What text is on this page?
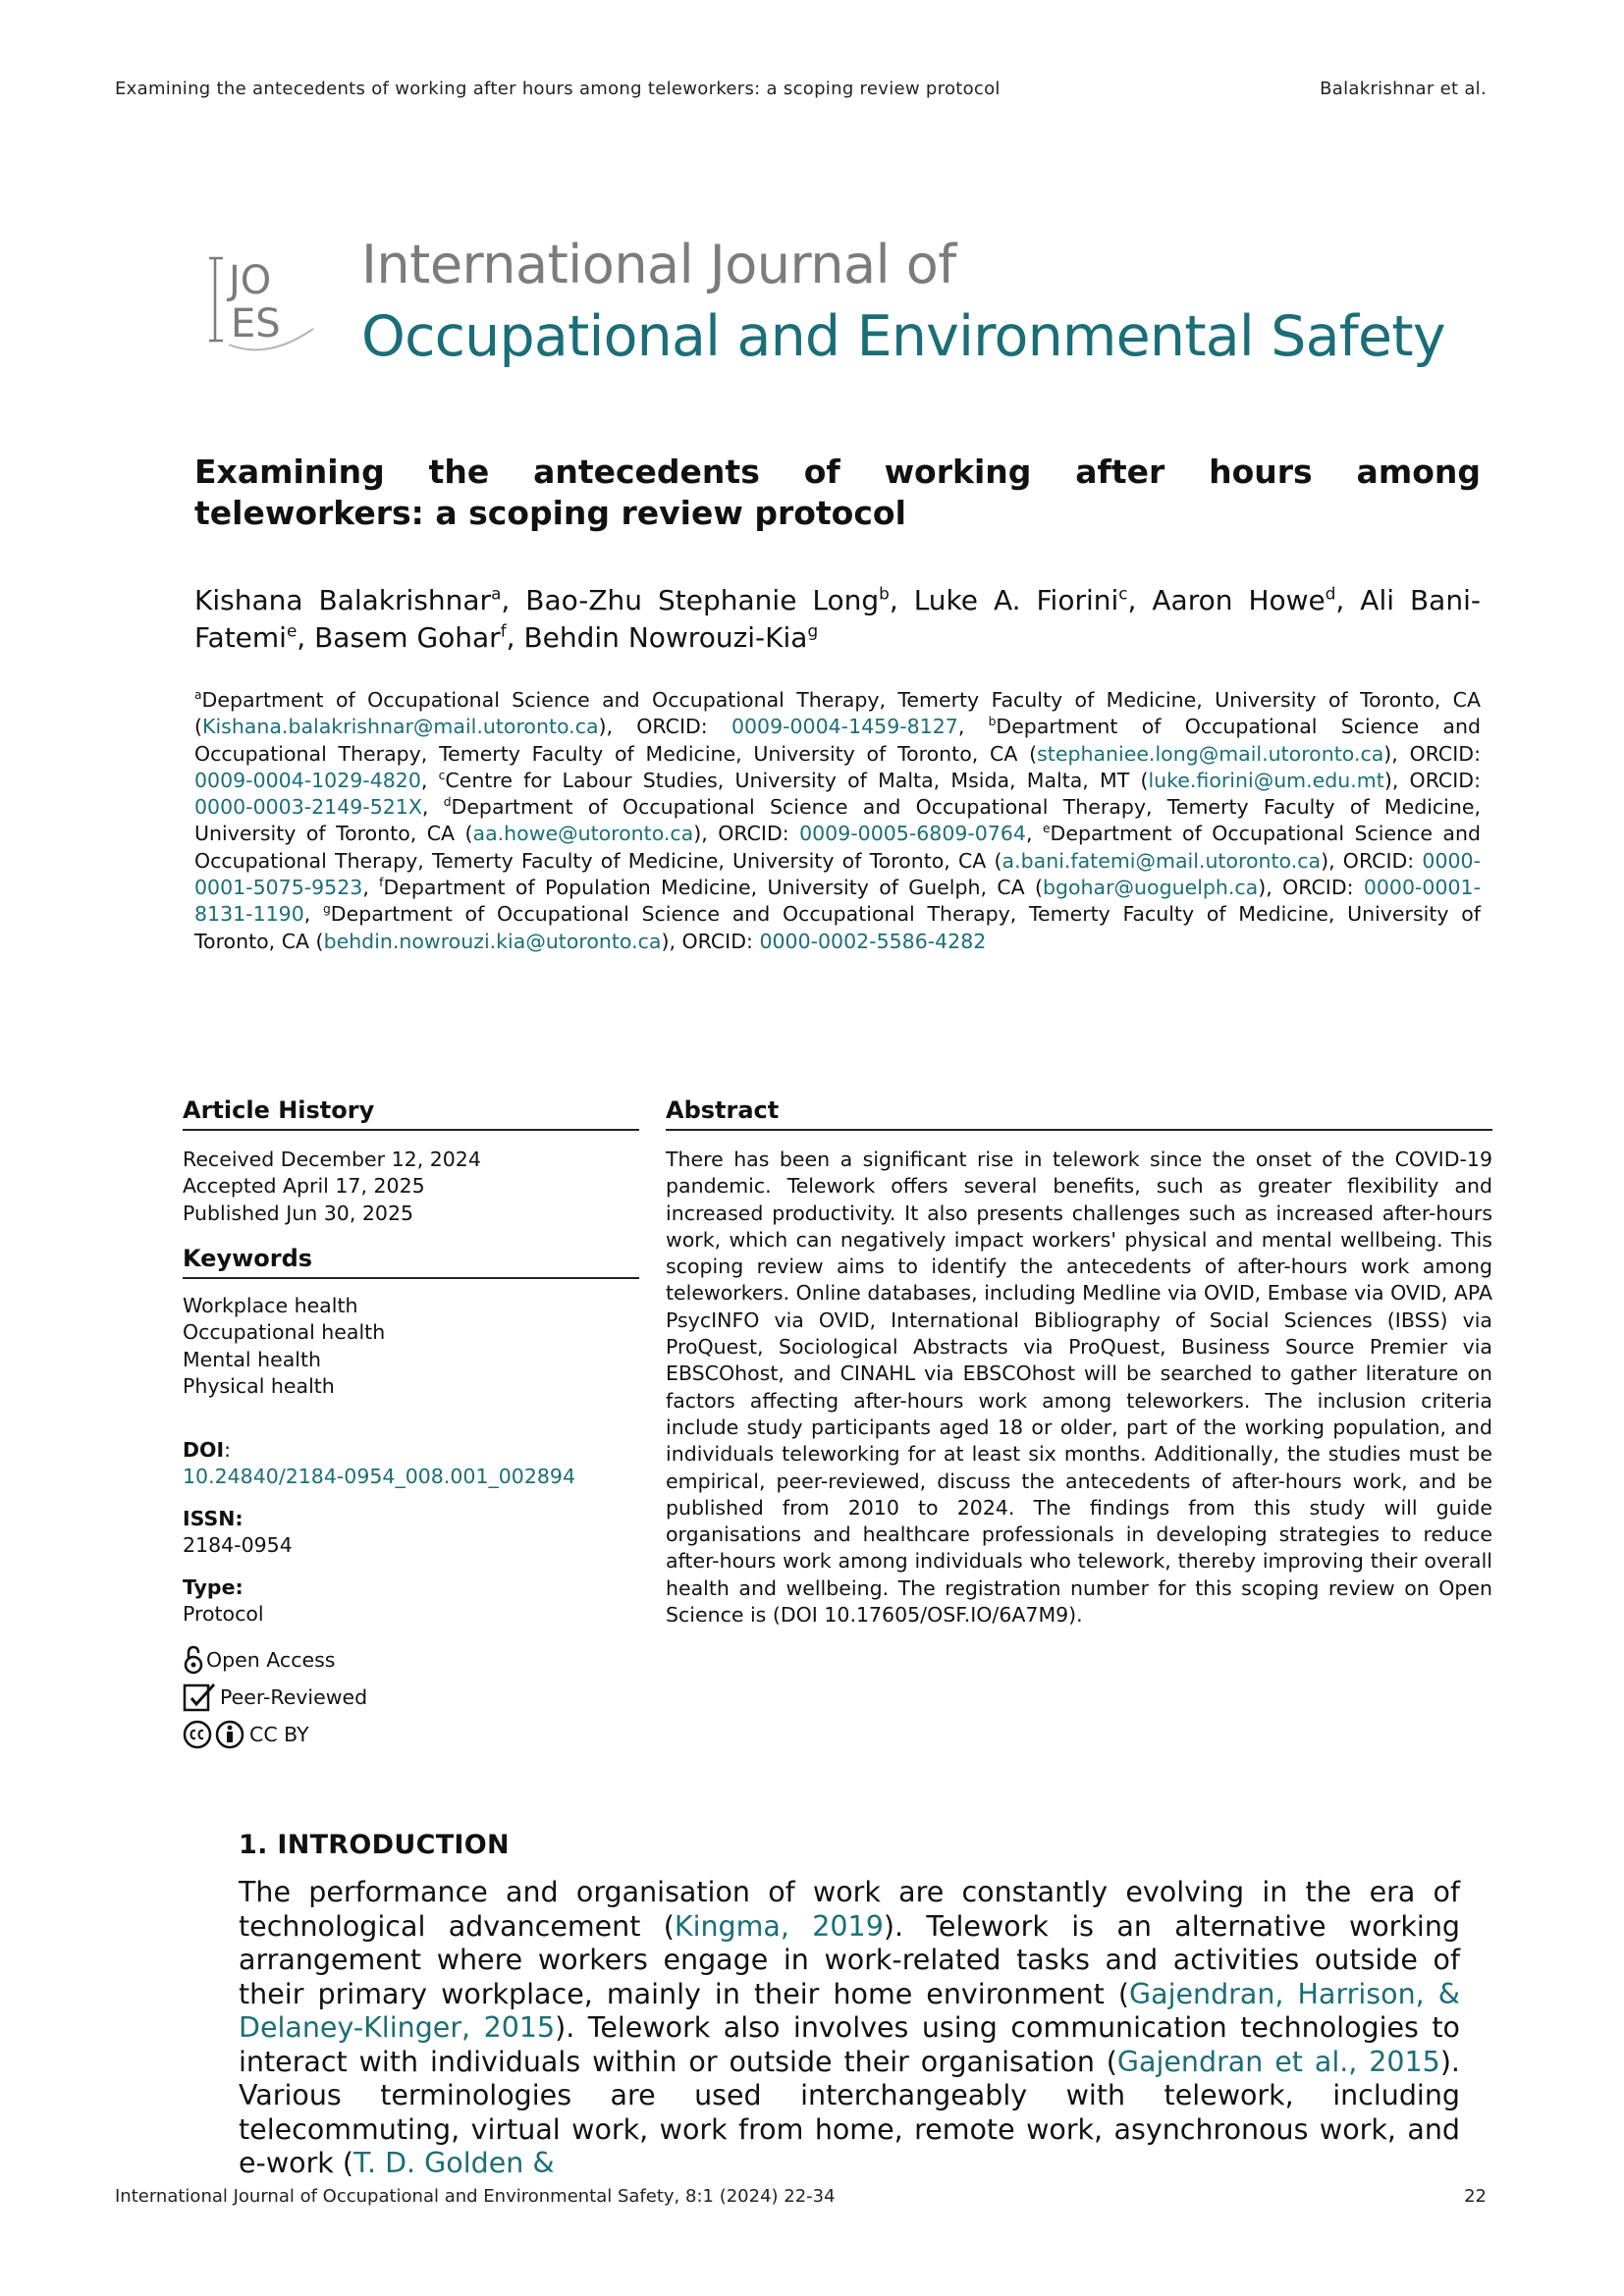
Examining the antecedents of working after hours among teleworkers: a scoping review protocol	Balakrishnar et al.
JO
ES
International Journal of
Occupational and Environmental Safety
Examining the antecedents of working after hours among teleworkers: a scoping review protocol
Kishana Balakrishnar$^a$, Bao-Zhu Stephanie Long$^b$, Luke A. Fiorini$^c$, Aaron Howe$^d$, Ali Bani-Fatemi$^e$, Basem Gohar$^f$, Behdin Nowrouzi-Kia$^g$
$^a$Department of Occupational Science and Occupational Therapy, Temerty Faculty of Medicine, University of Toronto, CA (Kishana.balakrishnar@mail.utoronto.ca), ORCID: 0009-0004-1459-8127, $^b$Department of Occupational Science and Occupational Therapy, Temerty Faculty of Medicine, University of Toronto, CA (stephaniee.long@mail.utoronto.ca), ORCID: 0009-0004-1029-4820, $^c$Centre for Labour Studies, University of Malta, Msida, Malta, MT (luke.fiorini@um.edu.mt), ORCID: 0000-0003-2149-521X, $^d$Department of Occupational Science and Occupational Therapy, Temerty Faculty of Medicine, University of Toronto, CA (aa.howe@utoronto.ca), ORCID: 0009-0005-6809-0764, $^e$Department of Occupational Science and Occupational Therapy, Temerty Faculty of Medicine, University of Toronto, CA (a.bani.fatemi@mail.utoronto.ca), ORCID: 0000-0001-5075-9523, $^f$Department of Population Medicine, University of Guelph, CA (bgohar@uoguelph.ca), ORCID: 0000-0001-8131-1190, $^g$Department of Occupational Science and Occupational Therapy, Temerty Faculty of Medicine, University of Toronto, CA (behdin.nowrouzi.kia@utoronto.ca), ORCID: 0000-0002-5586-4282
Article History
Received December 12, 2024
Accepted April 17, 2025
Published Jun 30, 2025
Keywords
Workplace health
Occupational health
Mental health
Physical health
DOI:
10.24840/2184-0954_008.001_002894
ISSN:
2184-0954
Type:
Protocol
Open Access
Peer-Reviewed
CC BY
Abstract
There has been a significant rise in telework since the onset of the COVID-19 pandemic. Telework offers several benefits, such as greater flexibility and increased productivity. It also presents challenges such as increased after-hours work, which can negatively impact workers' physical and mental wellbeing. This scoping review aims to identify the antecedents of after-hours work among teleworkers. Online databases, including Medline via OVID, Embase via OVID, APA PsycINFO via OVID, International Bibliography of Social Sciences (IBSS) via ProQuest, Sociological Abstracts via ProQuest, Business Source Premier via EBSCOhost, and CINAHL via EBSCOhost will be searched to gather literature on factors affecting after-hours work among teleworkers. The inclusion criteria include study participants aged 18 or older, part of the working population, and individuals teleworking for at least six months. Additionally, the studies must be empirical, peer-reviewed, discuss the antecedents of after-hours work, and be published from 2010 to 2024. The findings from this study will guide organisations and healthcare professionals in developing strategies to reduce after-hours work among individuals who telework, thereby improving their overall health and wellbeing. The registration number for this scoping review on Open Science is (DOI 10.17605/OSF.IO/6A7M9).
1. INTRODUCTION
The performance and organisation of work are constantly evolving in the era of technological advancement (Kingma, 2019). Telework is an alternative working arrangement where workers engage in work-related tasks and activities outside of their primary workplace, mainly in their home environment (Gajendran, Harrison, & Delaney-Klinger, 2015). Telework also involves using communication technologies to interact with individuals within or outside their organisation (Gajendran et al., 2015). Various terminologies are used interchangeably with telework, including telecommuting, virtual work, work from home, remote work, asynchronous work, and e-work (T. D. Golden &
International Journal of Occupational and Environmental Safety, 8:1 (2024) 22-34	22
